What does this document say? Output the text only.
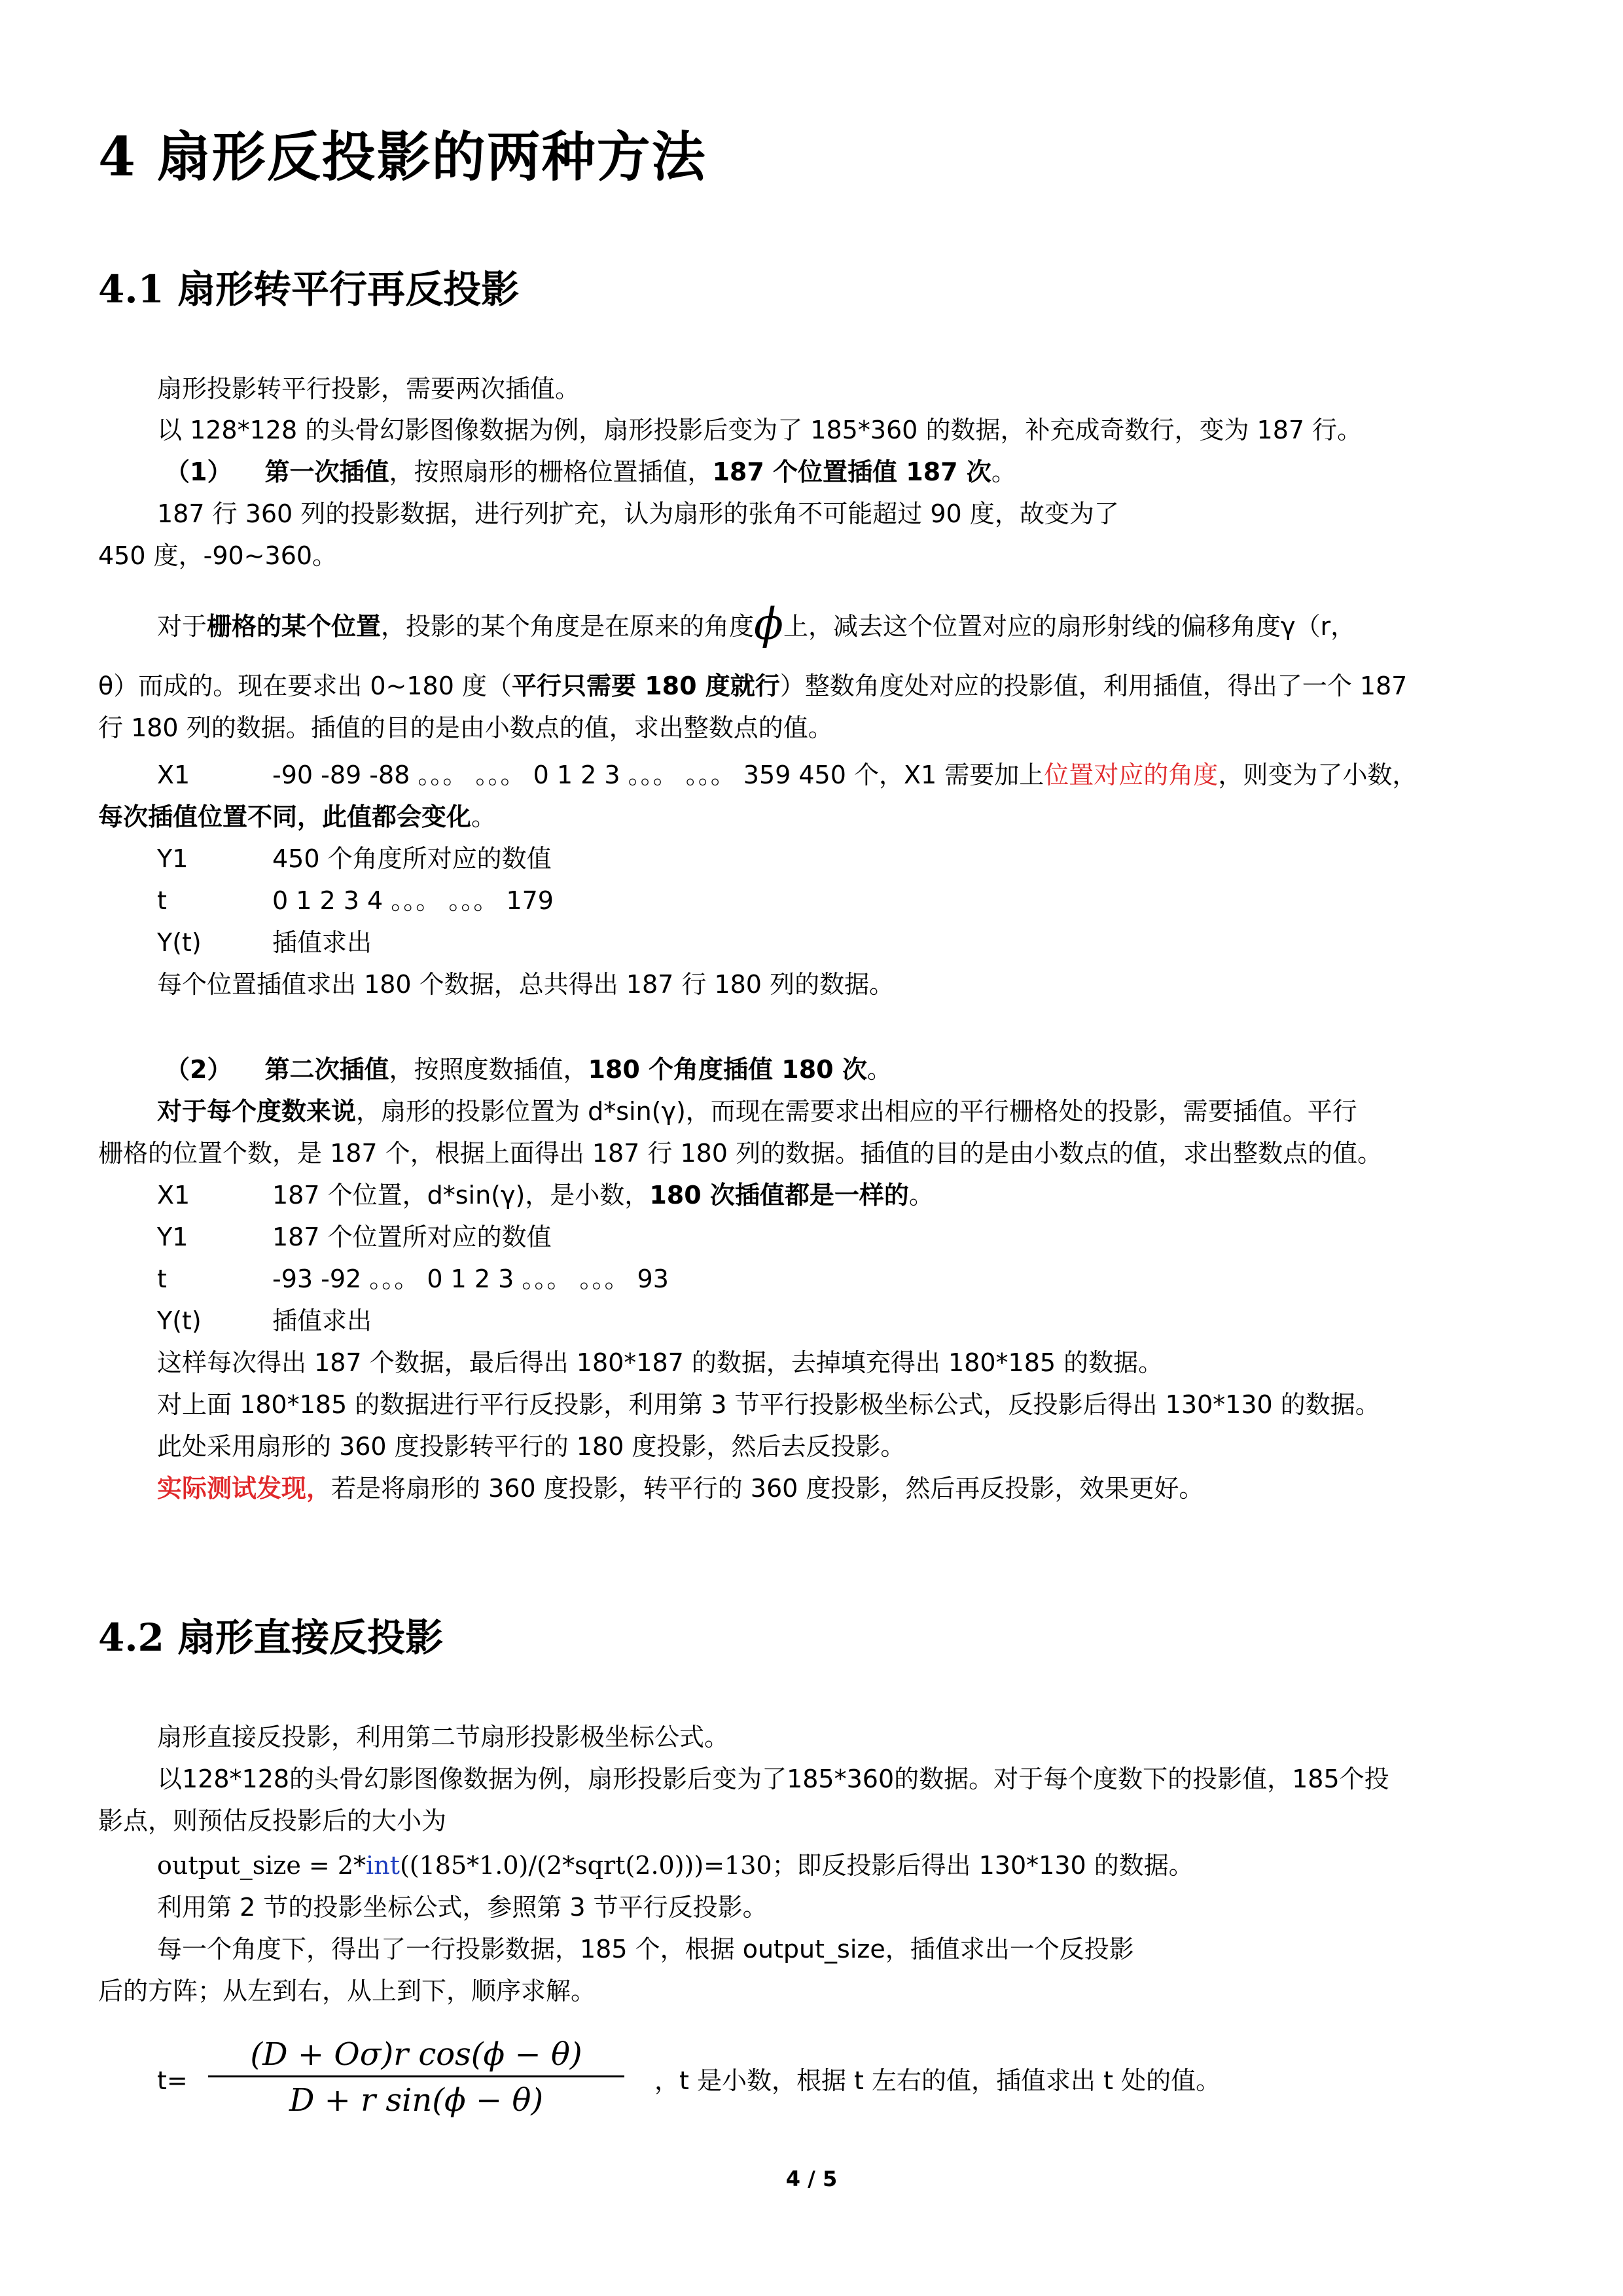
4 扇形反投影的两种方法
4.1 扇形转平行再反投影
扇形投影转平行投影，需要两次插值。
以 128*128 的头骨幻影图像数据为例，扇形投影后变为了 185*360 的数据，补充成奇数行，变为 187 行。
（1） 第一次插值，按照扇形的栅格位置插值，187 个位置插值 187 次。
187 行 360 列的投影数据，进行列扩充，认为扇形的张角不可能超过 90 度，故变为了
450 度，-90~360。
对于栅格的某个位置，投影的某个角度是在原来的角度ϕ上，减去这个位置对应的扇形射线的偏移角度γ（r，
θ）而成的。现在要求出 0~180 度（平行只需要 180 度就行）整数角度处对应的投影值，利用插值，得出了一个 187
行 180 列的数据。插值的目的是由小数点的值，求出整数点的值。
X1	-90 -89 -88 。。。 。。。 0 1 2 3 。。。 。。。 359 450 个，X1 需要加上位置对应的角度，则变为了小数，
每次插值位置不同，此值都会变化。
Y1	450 个角度所对应的数值
t	0 1 2 3 4 。。。 。。。 179
Y(t)	插值求出
每个位置插值求出 180 个数据，总共得出 187 行 180 列的数据。
（2） 第二次插值，按照度数插值，180 个角度插值 180 次。
对于每个度数来说，扇形的投影位置为 d*sin(γ)，而现在需要求出相应的平行栅格处的投影，需要插值。平行
栅格的位置个数，是 187 个，根据上面得出 187 行 180 列的数据。插值的目的是由小数点的值，求出整数点的值。
X1	187 个位置，d*sin(γ)，是小数，180 次插值都是一样的。
Y1	187 个位置所对应的数值
t	-93 -92 。。。 0 1 2 3 。。。 。。。 93
Y(t)	插值求出
这样每次得出 187 个数据，最后得出 180*187 的数据，去掉填充得出 180*185 的数据。
对上面 180*185 的数据进行平行反投影，利用第 3 节平行投影极坐标公式，反投影后得出 130*130 的数据。
此处采用扇形的 360 度投影转平行的 180 度投影，然后去反投影。
实际测试发现，若是将扇形的 360 度投影，转平行的 360 度投影，然后再反投影，效果更好。
4.2 扇形直接反投影
扇形直接反投影，利用第二节扇形投影极坐标公式。
以128*128的头骨幻影图像数据为例，扇形投影后变为了185*360的数据。对于每个度数下的投影值，185个投
影点，则预估反投影后的大小为
output_size = 2*int((185*1.0)/(2*sqrt(2.0)))=130；即反投影后得出 130*130 的数据。
利用第 2 节的投影坐标公式，参照第 3 节平行反投影。
每一个角度下，得出了一行投影数据，185 个，根据 output_size，插值求出一个反投影
后的方阵；从左到右，从上到下，顺序求解。
t=
(D + Oσ)r cos(ϕ − θ)
D + r sin(ϕ − θ)
，t 是小数，根据 t 左右的值，插值求出 t 处的值。
4 / 5
